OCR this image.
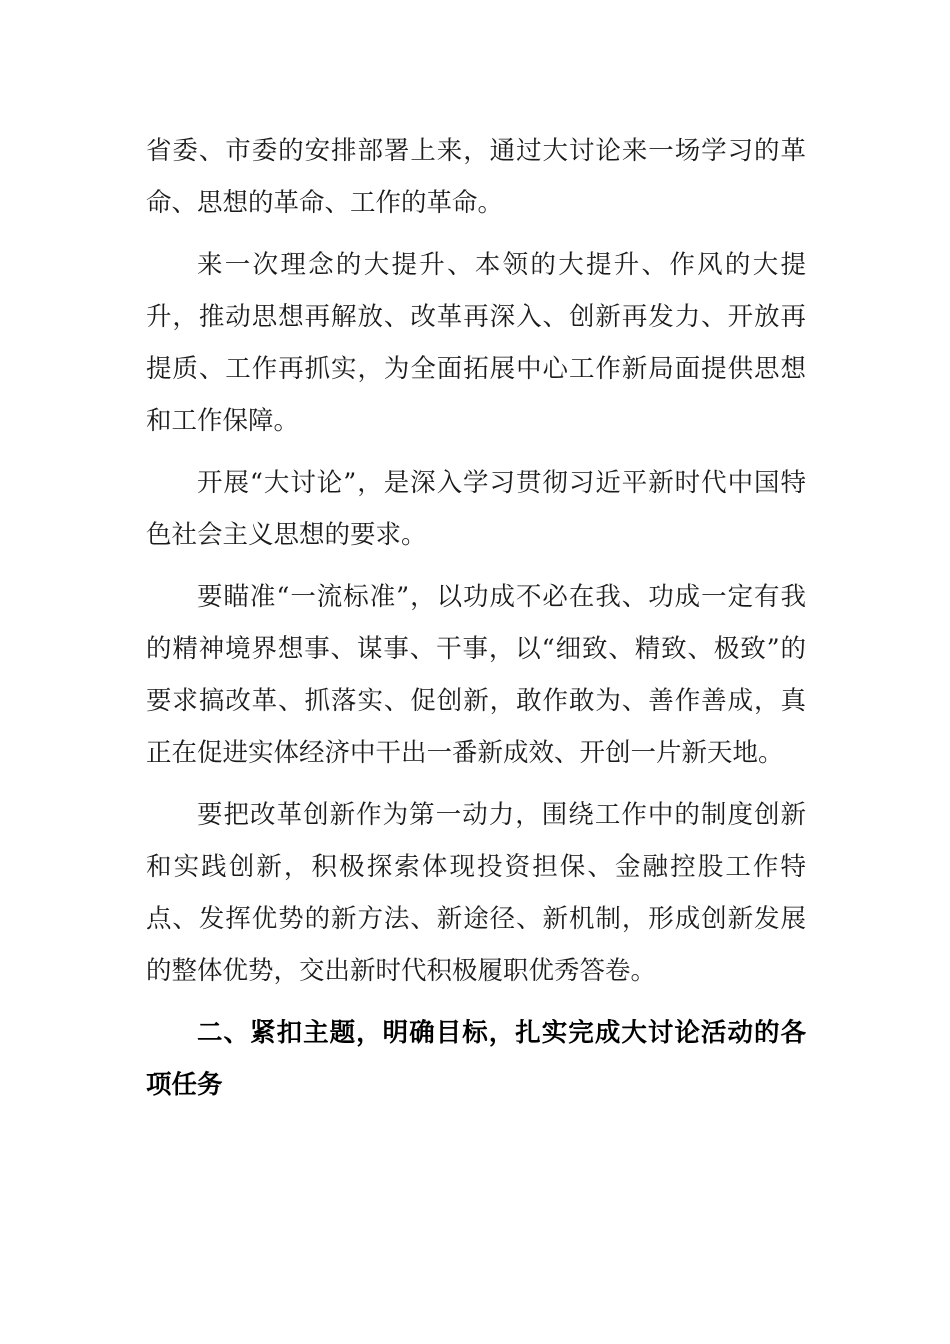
省委、市委的安排部署上来，通过大讨论来一场学习的革命、思想的革命、工作的革命。

来一次理念的大提升、本领的大提升、作风的大提升，推动思想再解放、改革再深入、创新再发力、开放再提质、工作再抓实，为全面拓展中心工作新局面提供思想和工作保障。

开展“大讨论”，是深入学习贯彻习近平新时代中国特色社会主义思想的要求。

要瞄准“一流标准”，以功成不必在我、功成一定有我的精神境界想事、谋事、干事，以“细致、精致、极致”的要求搞改革、抓落实、促创新，敢作敢为、善作善成，真正在促进实体经济中干出一番新成效、开创一片新天地。

要把改革创新作为第一动力，围绕工作中的制度创新和实践创新，积极探索体现投资担保、金融控股工作特点、发挥优势的新方法、新途径、新机制，形成创新发展的整体优势，交出新时代积极履职优秀答卷。

二、紧扣主题，明确目标，扎实完成大讨论活动的各项任务
